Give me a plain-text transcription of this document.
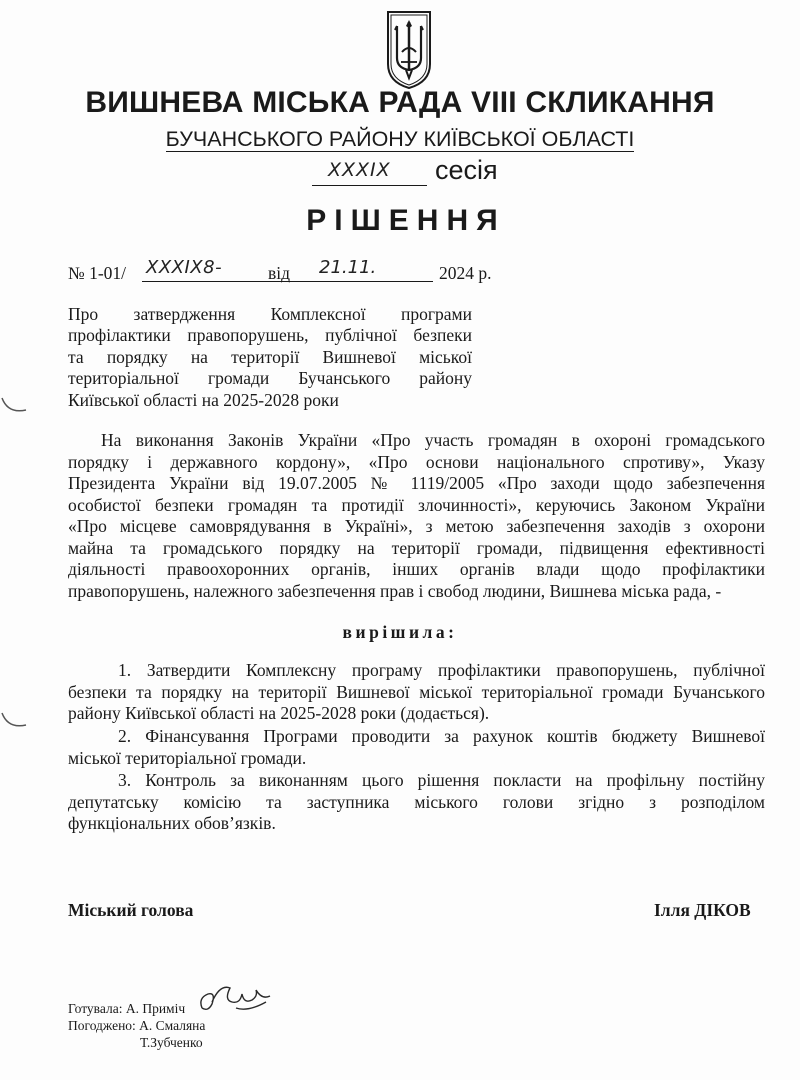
ВИШНЕВА МІСЬКА РАДА VIII СКЛИКАННЯ
БУЧАНСЬКОГО РАЙОНУ КИЇВСЬКОЇ ОБЛАСТІ
XXXIX сесія
РІШЕННЯ
№ 1-01/ XXXIX8-	від 21.11.	2024 р.
Про затвердження Комплексної програми
профілактики правопорушень, публічної безпеки
та порядку на території Вишневої міської
територіальної громади Бучанського району
Київської області на 2025-2028 роки
На виконання Законів України «Про участь громадян в охороні громадського
порядку і державного кордону», «Про основи національного спротиву», Указу
Президента України від 19.07.2005 № 1119/2005 «Про заходи щодо забезпечення
особистої безпеки громадян та протидії злочинності», керуючись Законом України
«Про місцеве самоврядування в Україні», з метою забезпечення заходів з охорони
майна та громадського порядку на території громади, підвищення ефективності
діяльності правоохоронних органів, інших органів влади щодо профілактики
правопорушень, належного забезпечення прав і свобод людини, Вишнева міська рада, -
вирішила:
1. Затвердити Комплексну програму профілактики правопорушень, публічної
безпеки та порядку на території Вишневої міської територіальної громади Бучанського
району Київської області на 2025-2028 роки (додається).
2. Фінансування Програми проводити за рахунок коштів бюджету Вишневої
міської територіальної громади.
3. Контроль за виконанням цього рішення покласти на профільну постійну
депутатську комісію та заступника міського голови згідно з розподілом
функціональних обов’язків.
Міський голова	Ілля ДІКОВ
Готувала: А. Приміч
Погоджено: А. Смаляна
Т.Зубченко
